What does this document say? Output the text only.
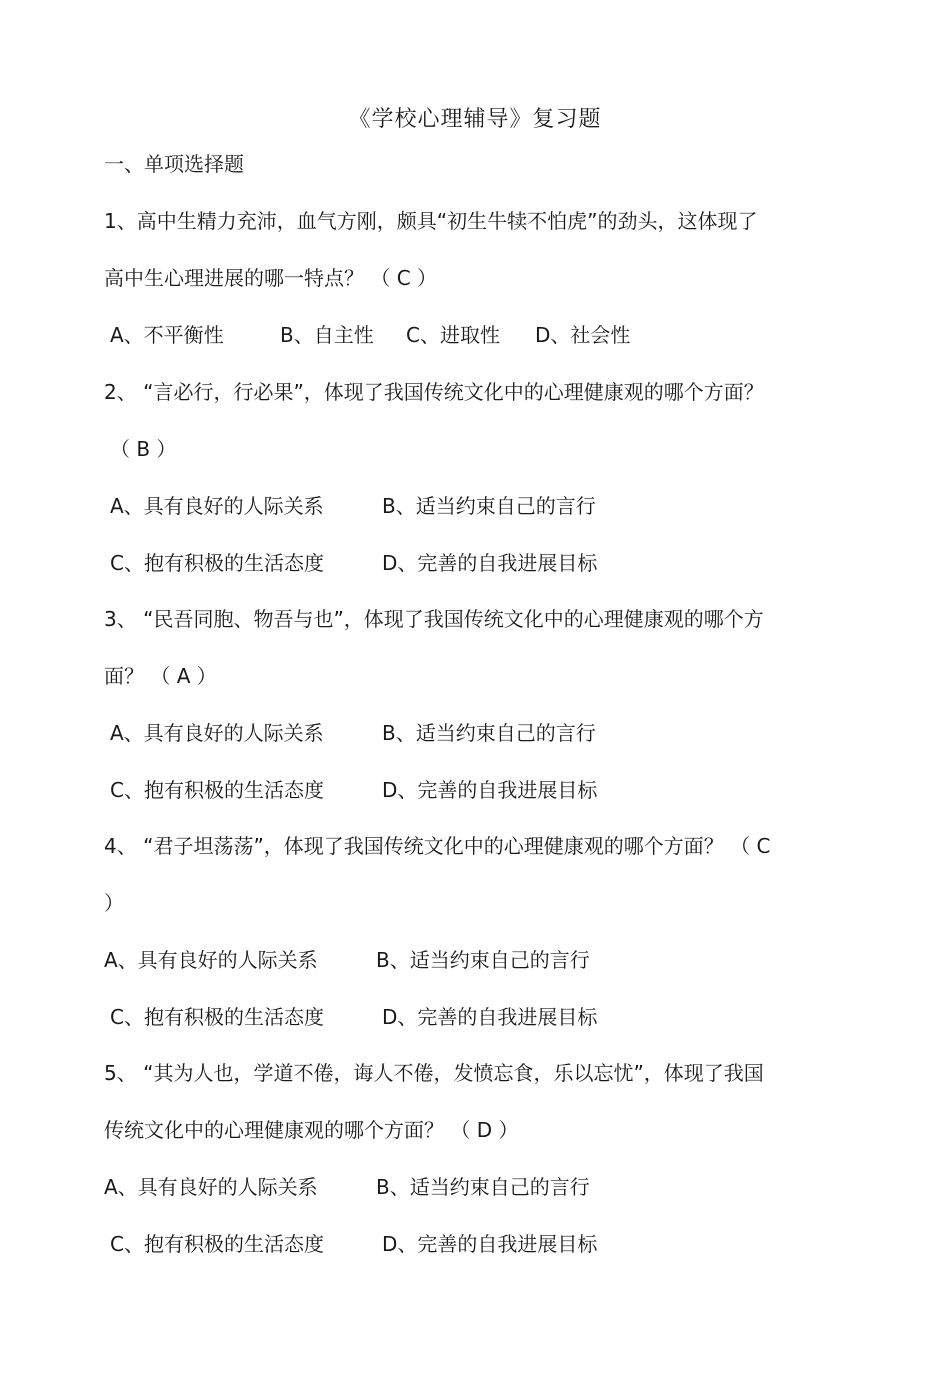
《学校心理辅导》复习题
一、单项选择题
1、高中生精力充沛，血气方刚，颇具“初生牛犊不怕虎”的劲头，这体现了
高中生心理进展的哪一特点？ （ C ）
A、不平衡性	B、自主性 C、进取性 D、社会性
2、 “言必行，行必果”，体现了我国传统文化中的心理健康观的哪个方面？
（ B ）
A、具有良好的人际关系	B、适当约束自己的言行
C、抱有积极的生活态度	D、完善的自我进展目标
3、 “民吾同胞、物吾与也”，体现了我国传统文化中的心理健康观的哪个方
面？ （ A ）
A、具有良好的人际关系	B、适当约束自己的言行
C、抱有积极的生活态度	D、完善的自我进展目标
4、 “君子坦荡荡”，体现了我国传统文化中的心理健康观的哪个方面？ （ C
）
A、具有良好的人际关系	B、适当约束自己的言行
C、抱有积极的生活态度	D、完善的自我进展目标
5、 “其为人也，学道不倦，诲人不倦，发愤忘食，乐以忘忧”，体现了我国
传统文化中的心理健康观的哪个方面？ （ D ）
A、具有良好的人际关系	B、适当约束自己的言行
C、抱有积极的生活态度	D、完善的自我进展目标
